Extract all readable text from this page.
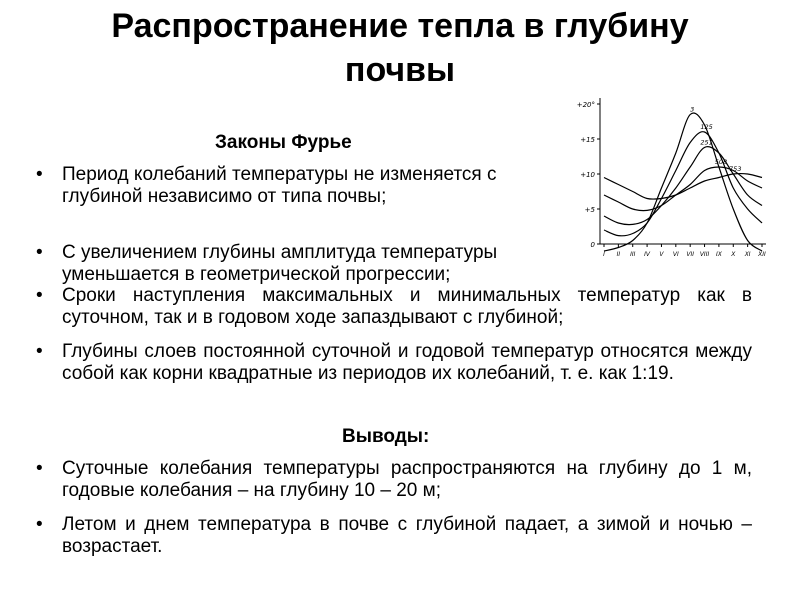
Распространение тепла в глубину
почвы
Законы Фурье
• Период колебаний температуры не изменяется с глубиной независимо от типа почвы;
• С увеличением глубины амплитуда температуры уменьшается в геометрической прогрессии;
• Сроки наступления максимальных и минимальных температур как в суточном, так и в годовом ходе запаздывают с глубиной;
• Глубины слоев постоянной суточной и годовой температур относятся между собой как корни квадратные из периодов их колебаний, т. е. как 1:19.
Выводы:
• Суточные колебания температуры распространяются на глубину до 1 м, годовые колебания – на глубину 10 – 20 м;
• Летом и днем температура в почве с глубиной падает, а зимой и ночью – возрастает.
+20°
+15
+10
+5
0
I II III IV V VI VII VIII IX X XI XII
3
125
251
508
753
